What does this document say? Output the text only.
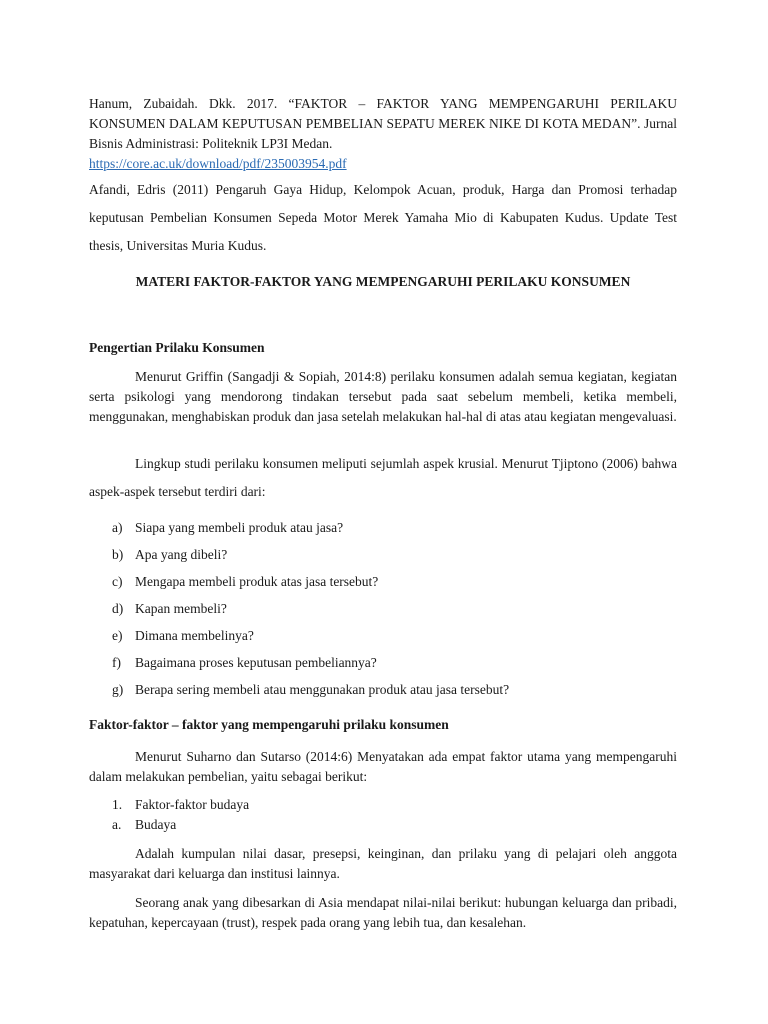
Hanum, Zubaidah. Dkk. 2017. “FAKTOR – FAKTOR YANG MEMPENGARUHI PERILAKU KONSUMEN DALAM KEPUTUSAN PEMBELIAN SEPATU MEREK NIKE DI KOTA MEDAN”. Jurnal Bisnis Administrasi: Politeknik LP3I Medan.
https://core.ac.uk/download/pdf/235003954.pdf

Afandi, Edris (2011) Pengaruh Gaya Hidup, Kelompok Acuan, produk, Harga dan Promosi terhadap keputusan Pembelian Konsumen Sepeda Motor Merek Yamaha Mio di Kabupaten Kudus. Update Test thesis, Universitas Muria Kudus.

MATERI FAKTOR-FAKTOR YANG MEMPENGARUHI PERILAKU KONSUMEN

Pengertian Prilaku Konsumen

Menurut Griffin (Sangadji & Sopiah, 2014:8) perilaku konsumen adalah semua kegiatan, kegiatan serta psikologi yang mendorong tindakan tersebut pada saat sebelum membeli, ketika membeli, menggunakan, menghabiskan produk dan jasa setelah melakukan hal-hal di atas atau kegiatan mengevaluasi.

Lingkup studi perilaku konsumen meliputi sejumlah aspek krusial. Menurut Tjiptono (2006) bahwa aspek-aspek tersebut terdiri dari:

a) Siapa yang membeli produk atau jasa?
b) Apa yang dibeli?
c) Mengapa membeli produk atas jasa tersebut?
d) Kapan membeli?
e) Dimana membelinya?
f) Bagaimana proses keputusan pembeliannya?
g) Berapa sering membeli atau menggunakan produk atau jasa tersebut?

Faktor-faktor – faktor yang mempengaruhi prilaku konsumen

Menurut Suharno dan Sutarso (2014:6) Menyatakan ada empat faktor utama yang mempengaruhi dalam melakukan pembelian, yaitu sebagai berikut:

1. Faktor-faktor budaya
a. Budaya

Adalah kumpulan nilai dasar, presepsi, keinginan, dan prilaku yang di pelajari oleh anggota masyarakat dari keluarga dan institusi lainnya.

Seorang anak yang dibesarkan di Asia mendapat nilai-nilai berikut: hubungan keluarga dan pribadi, kepatuhan, kepercayaan (trust), respek pada orang yang lebih tua, dan kesalehan.
